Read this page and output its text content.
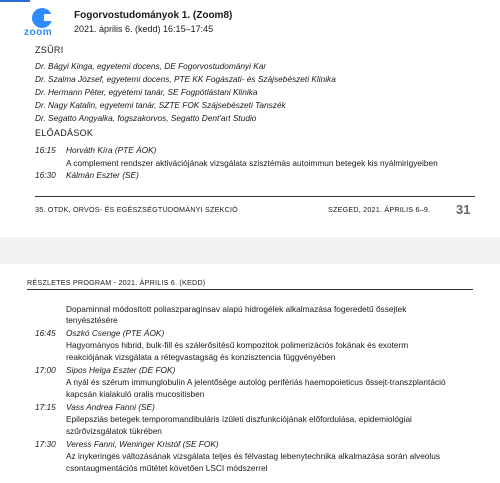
zoom
Fogorvostudományok 1. (Zoom8)
2021. április 6. (kedd) 16:15–17:45
ZSŰRI
Dr. Bágyi Kinga, egyetemi docens, DE Fogorvostudományi Kar
Dr. Szalma József, egyetemi docens, PTE KK Fogászati- és Szájsebészeti Klinika
Dr. Hermann Péter, egyetemi tanár, SE Fogpótlástani Klinika
Dr. Nagy Katalin, egyetemi tanár, SZTE FOK Szájsebészeti Tanszék
Dr. Segatto Angyalka, fogszakorvos, Segatto Dent'art Studio
ELŐADÁSOK
16:15 Horváth Kíra (PTE ÁOK)
A complement rendszer aktivációjának vizsgálata szisztémás autoimmun betegek kis nyálmirigyeiben
16:30 Kálmán Eszter (SE)
35. OTDK, ORVOS- ÉS EGÉSZSÉGTUDOMÁNYI SZEKCIÓ	SZEGED, 2021. ÁPRILIS 6–9. 31
RÉSZLETES PROGRAM - 2021. ÁPRILIS 6. (KEDD)
Dopaminnal módosított poliaszparaginsav alapú hidrogélek alkalmazása fogeredetű őssejtek
tenyésztésére
16:45 Oszkó Csenge (PTE ÁOK)
Hagyományos hibrid, bulk-fill és szálerősítésű kompozitok polimerizációs fokának és exoterm
reakciójának vizsgálata a rétegvastagság és konzisztencia függvényében
17:00 Sipos Helga Eszter (DE FOK)
A nyál és szérum immunglobulin A jelentősége autológ perifériás haemopoieticus őssejt-transzplantáció
kapcsán kialakuló oralis mucositisben
17:15 Vass Andrea Fanni (SE)
Epilepsziás betegek temporomandibuláris ízületi diszfunkciójának előfordulása, epidemiológiai
szűrővizsgálatok tükrében
17:30 Veress Fanni, Weninger Kristóf (SE FOK)
Az inykeringés változásának vizsgálata teljes és félvastag lebenytechnika alkalmazása során alveolus
csontaugmentációs műtétet követően LSCI módszerrel
